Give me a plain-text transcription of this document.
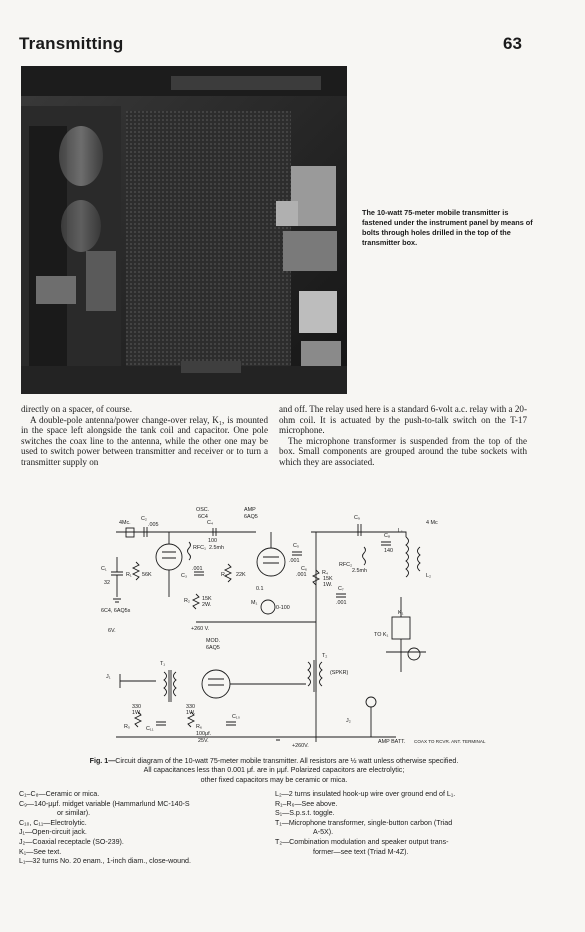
Transmitting	63
The 10-watt 75-meter mobile transmitter is fastened under the instrument panel by means of bolts through holes drilled in the top of the transmitter box.

directly on a spacer, of course.

A double-pole antenna/power change-over relay, K₁, is mounted in the space left alongside the tank coil and capacitor. One pole switches the coax line to the antenna, while the other one may be used to switch power between transmitter and receiver or to turn a transmitter supply on

and off. The relay used here is a standard 6-volt a.c. relay with a 20-ohm coil. It is actuated by the push-to-talk switch on the T-17 microphone.

The microphone transformer is suspended from the top of the box. Small components are grouped around the tube sockets with which they are associated.

OSC.
6C4
AMP
6AQ5
4Mc.	4 Mc
C₂
.005	C₄
100
C₁
32
R₁ 56K
RFC₁ 2.5mh
C₃
.001
R₃ 22K
R₂ 15K
2W.
+260 V.
M₁
0-100
C₅
.001
RFC₂
2.5mh
R₄
15K
1W.
C₇
.001
C₈
140
C₆
.001
C₉
L₁
L₂
K₁
0.1
TO K₁
(SPKR)
6C4, 6AQ5s
6V.
MOD.
6AQ5
T₁
T₂
J₁
J₂
R₅
330
1W.
R₆
330
1W.
C₁₁
C₁₀
100μf.
25V.
+260V.
AMP BATT. COAX TO RCVR. ANT. TERMINAL
Fig. 1—Circuit diagram of the 10-watt 75-meter mobile transmitter. All resistors are ½ watt unless otherwise specified.
All capacitances less than 0.001 μf. are in μμf. Polarized capacitors are electrolytic;
other fixed capacitors may be ceramic or mica.
C₁–C₈—Ceramic or mica.
C₉—140-μμf. midget variable (Hammarlund MC-140-S
or similar).
C₁₀, C₁₁—Electrolytic.
J₁—Open-circuit jack.
J₂—Coaxial receptacle (SO-239).
K₁—See text.
L₁—32 turns No. 20 enam., 1-inch diam., close-wound.
L₂—2 turns insulated hook-up wire over ground end of L₁.
R₁–R₆—See above.
S₁—S.p.s.t. toggle.
T₁—Microphone transformer, single-button carbon (Triad
A-5X).
T₂—Combination modulation and speaker output trans-
former—see text (Triad M-4Z).
